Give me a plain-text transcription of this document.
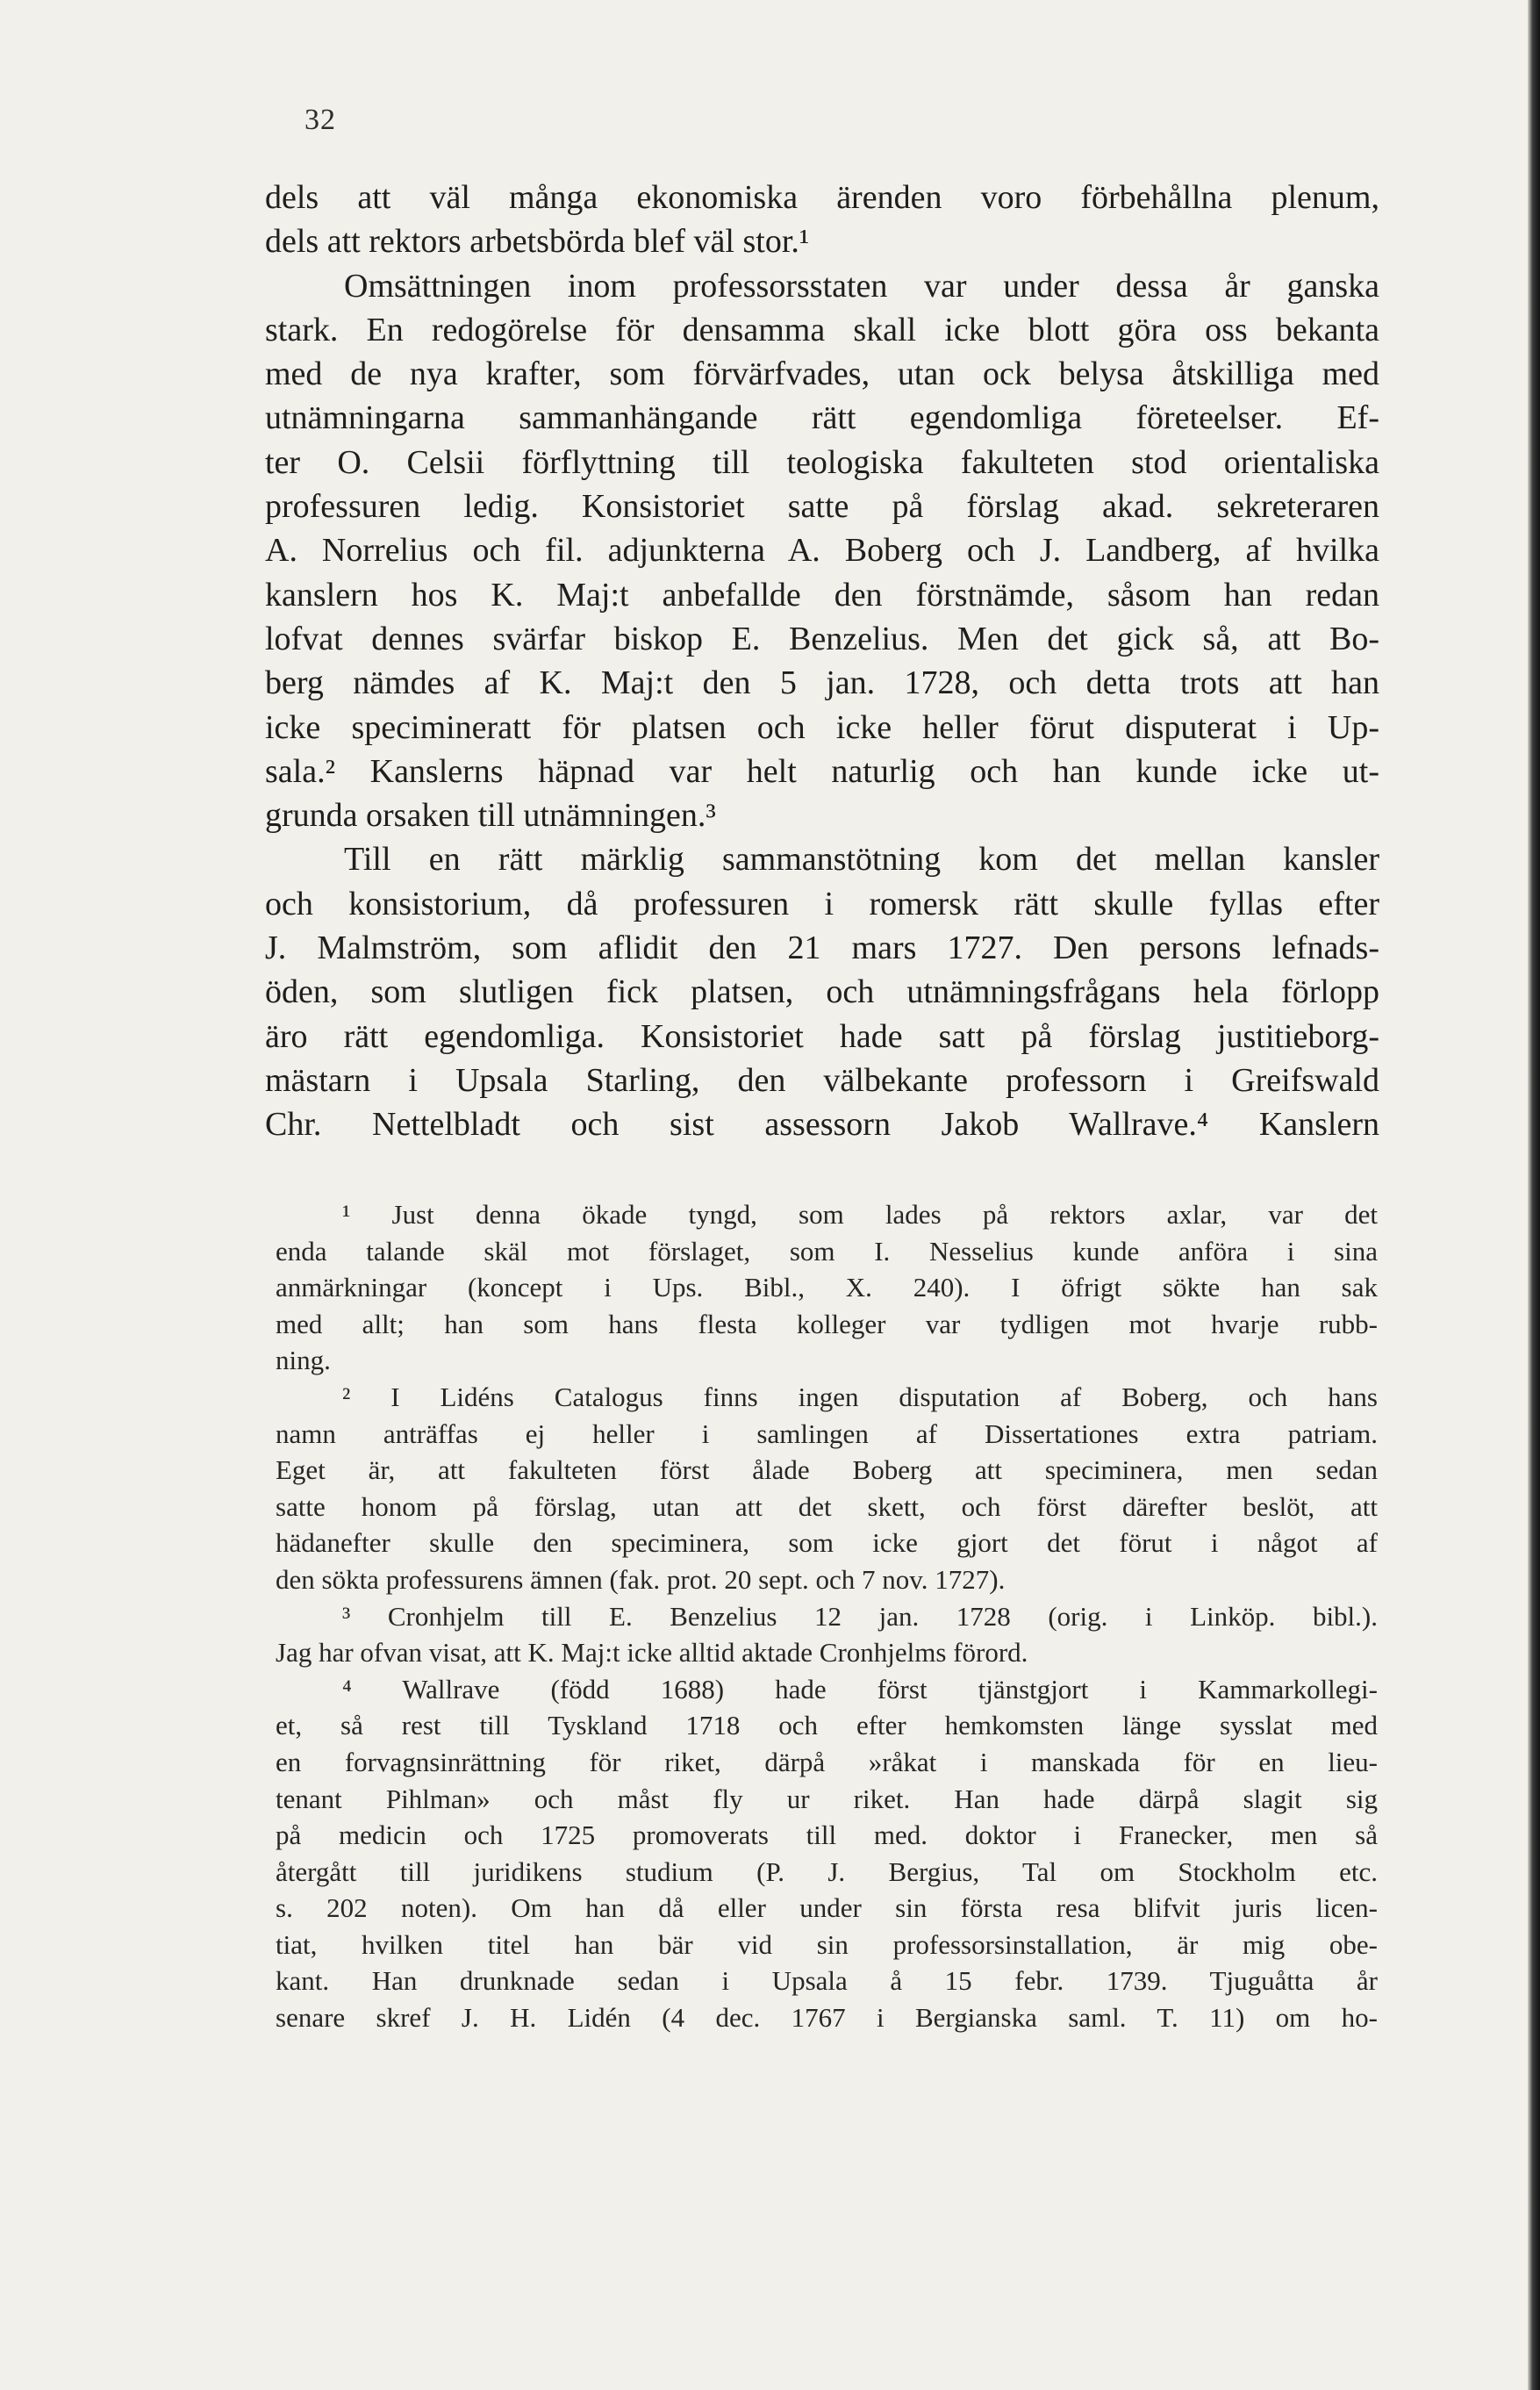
32
dels att väl många ekonomiska ärenden voro förbehållna plenum,
dels att rektors arbetsbörda blef väl stor.¹
Omsättningen inom professorsstaten var under dessa år ganska
stark. En redogörelse för densamma skall icke blott göra oss bekanta
med de nya krafter, som förvärfvades, utan ock belysa åtskilliga med
utnämningarna sammanhängande rätt egendomliga företeelser. Ef-
ter O. Celsii förflyttning till teologiska fakulteten stod orientaliska
professuren ledig. Konsistoriet satte på förslag akad. sekreteraren
A. Norrelius och fil. adjunkterna A. Boberg och J. Landberg, af hvilka
kanslern hos K. Maj:t anbefallde den förstnämde, såsom han redan
lofvat dennes svärfar biskop E. Benzelius. Men det gick så, att Bo-
berg nämdes af K. Maj:t den 5 jan. 1728, och detta trots att han
icke specimineratt för platsen och icke heller förut disputerat i Up-
sala.² Kanslerns häpnad var helt naturlig och han kunde icke ut-
grunda orsaken till utnämningen.³
Till en rätt märklig sammanstötning kom det mellan kansler
och konsistorium, då professuren i romersk rätt skulle fyllas efter
J. Malmström, som aflidit den 21 mars 1727. Den persons lefnads-
öden, som slutligen fick platsen, och utnämningsfrågans hela förlopp
äro rätt egendomliga. Konsistoriet hade satt på förslag justitieborg-
mästarn i Upsala Starling, den välbekante professorn i Greifswald
Chr. Nettelbladt och sist assessorn Jakob Wallrave.⁴ Kanslern
¹ Just denna ökade tyngd, som lades på rektors axlar, var det
enda talande skäl mot förslaget, som I. Nesselius kunde anföra i sina
anmärkningar (koncept i Ups. Bibl., X. 240). I öfrigt sökte han sak
med allt; han som hans flesta kolleger var tydligen mot hvarje rubb-
ning.
² I Lidéns Catalogus finns ingen disputation af Boberg, och hans
namn anträffas ej heller i samlingen af Dissertationes extra patriam.
Eget är, att fakulteten först ålade Boberg att speciminera, men sedan
satte honom på förslag, utan att det skett, och först därefter beslöt, att
hädanefter skulle den speciminera, som icke gjort det förut i något af
den sökta professurens ämnen (fak. prot. 20 sept. och 7 nov. 1727).
³ Cronhjelm till E. Benzelius 12 jan. 1728 (orig. i Linköp. bibl.).
Jag har ofvan visat, att K. Maj:t icke alltid aktade Cronhjelms förord.
⁴ Wallrave (född 1688) hade först tjänstgjort i Kammarkollegi-
et, så rest till Tyskland 1718 och efter hemkomsten länge sysslat med
en forvagnsinrättning för riket, därpå »råkat i manskada för en lieu-
tenant Pihlman» och måst fly ur riket. Han hade därpå slagit sig
på medicin och 1725 promoverats till med. doktor i Franecker, men så
återgått till juridikens studium (P. J. Bergius, Tal om Stockholm etc.
s. 202 noten). Om han då eller under sin första resa blifvit juris licen-
tiat, hvilken titel han bär vid sin professorsinstallation, är mig obe-
kant. Han drunknade sedan i Upsala å 15 febr. 1739. Tjuguåtta år
senare skref J. H. Lidén (4 dec. 1767 i Bergianska saml. T. 11) om ho-
